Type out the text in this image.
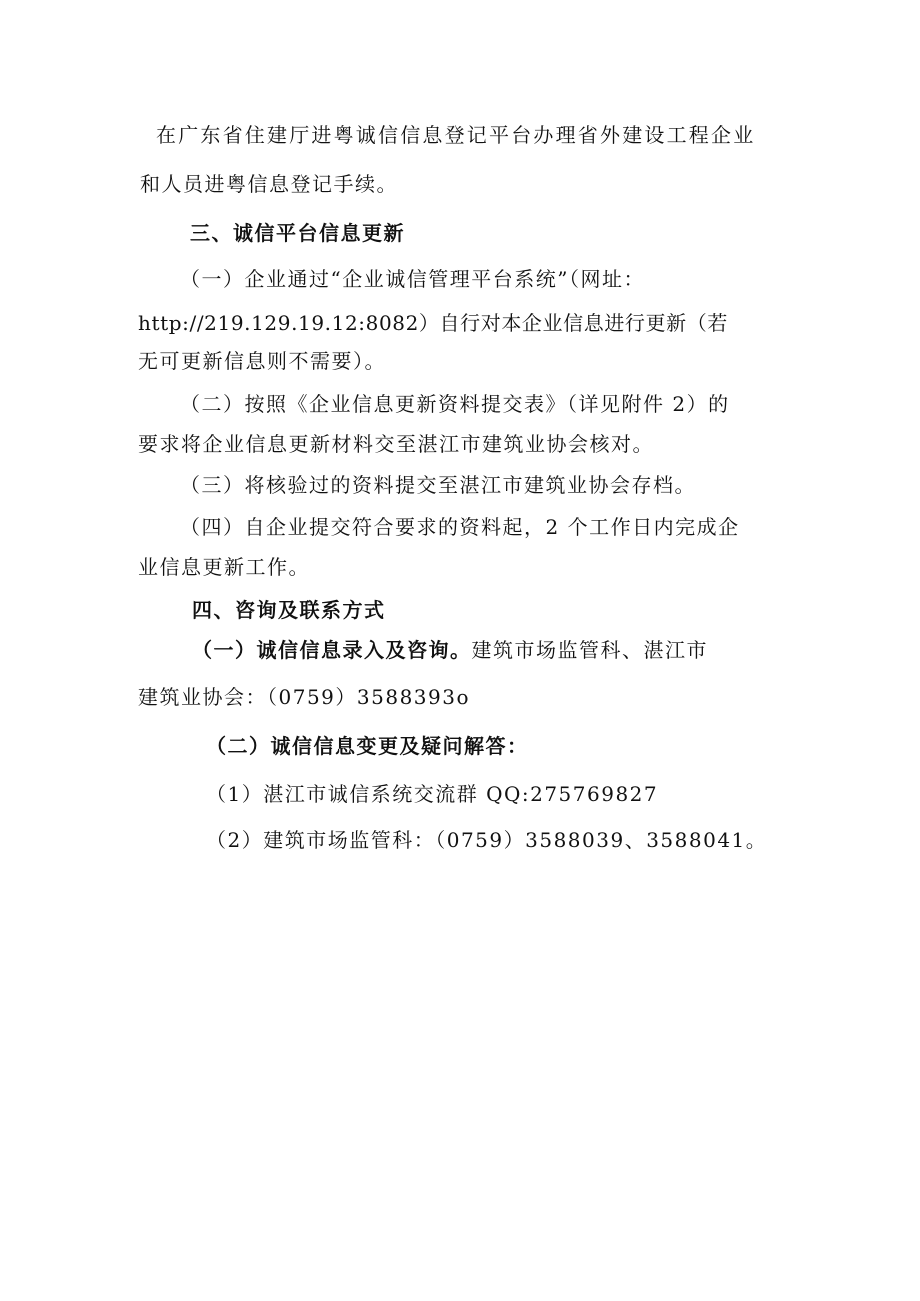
在广东省住建厅进粤诚信信息登记平台办理省外建设工程企业
和人员进粤信息登记手续。
三、诚信平台信息更新
（一）企业通过“企业诚信管理平台系统”（网址：
http://219.129.19.12:8082）自行对本企业信息进行更新（若
无可更新信息则不需要）。
（二）按照《企业信息更新资料提交表》（详见附件 2）的
要求将企业信息更新材料交至湛江市建筑业协会核对。
（三）将核验过的资料提交至湛江市建筑业协会存档。
（四）自企业提交符合要求的资料起，2 个工作日内完成企
业信息更新工作。
四、咨询及联系方式
（一）诚信信息录入及咨询。建筑市场监管科、湛江市
建筑业协会：（0759）3588393o
（二）诚信信息变更及疑问解答：
（1）湛江市诚信系统交流群 QQ:275769827
（2）建筑市场监管科：（0759）3588039、3588041。
